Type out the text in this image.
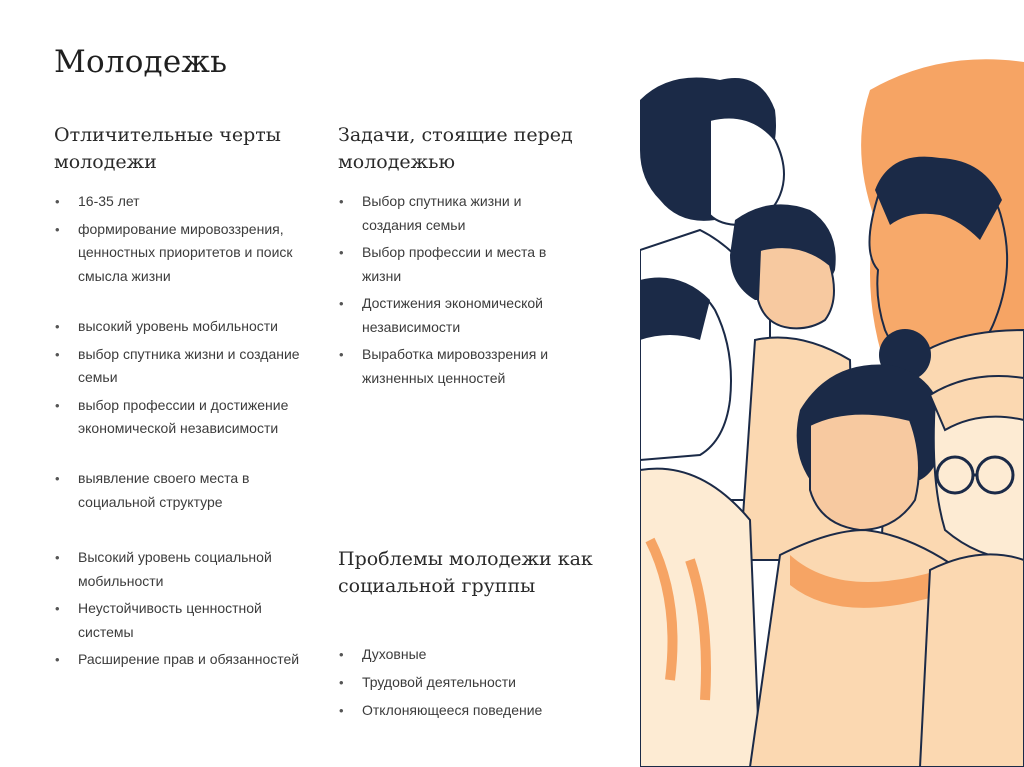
Молодежь
Отличительные черты молодежи
• 16-35 лет
• формирование мировоззрения, ценностных приоритетов и поиск смысла жизни
• высокий уровень мобильности
• выбор спутника жизни и создание семьи
• выбор профессии и достижение экономической независимости
• выявление своего места в социальной структуре
• Высокий уровень социальной мобильности
• Неустойчивость ценностной системы
• Расширение прав и обязанностей
Задачи, стоящие перед молодежью
• Выбор спутника жизни и создания семьи
• Выбор профессии и места в жизни
• Достижения экономической независимости
• Выработка мировоззрения и жизненных ценностей
Проблемы молодежи как социальной группы
• Духовные
• Трудовой деятельности
• Отклоняющееся поведение
